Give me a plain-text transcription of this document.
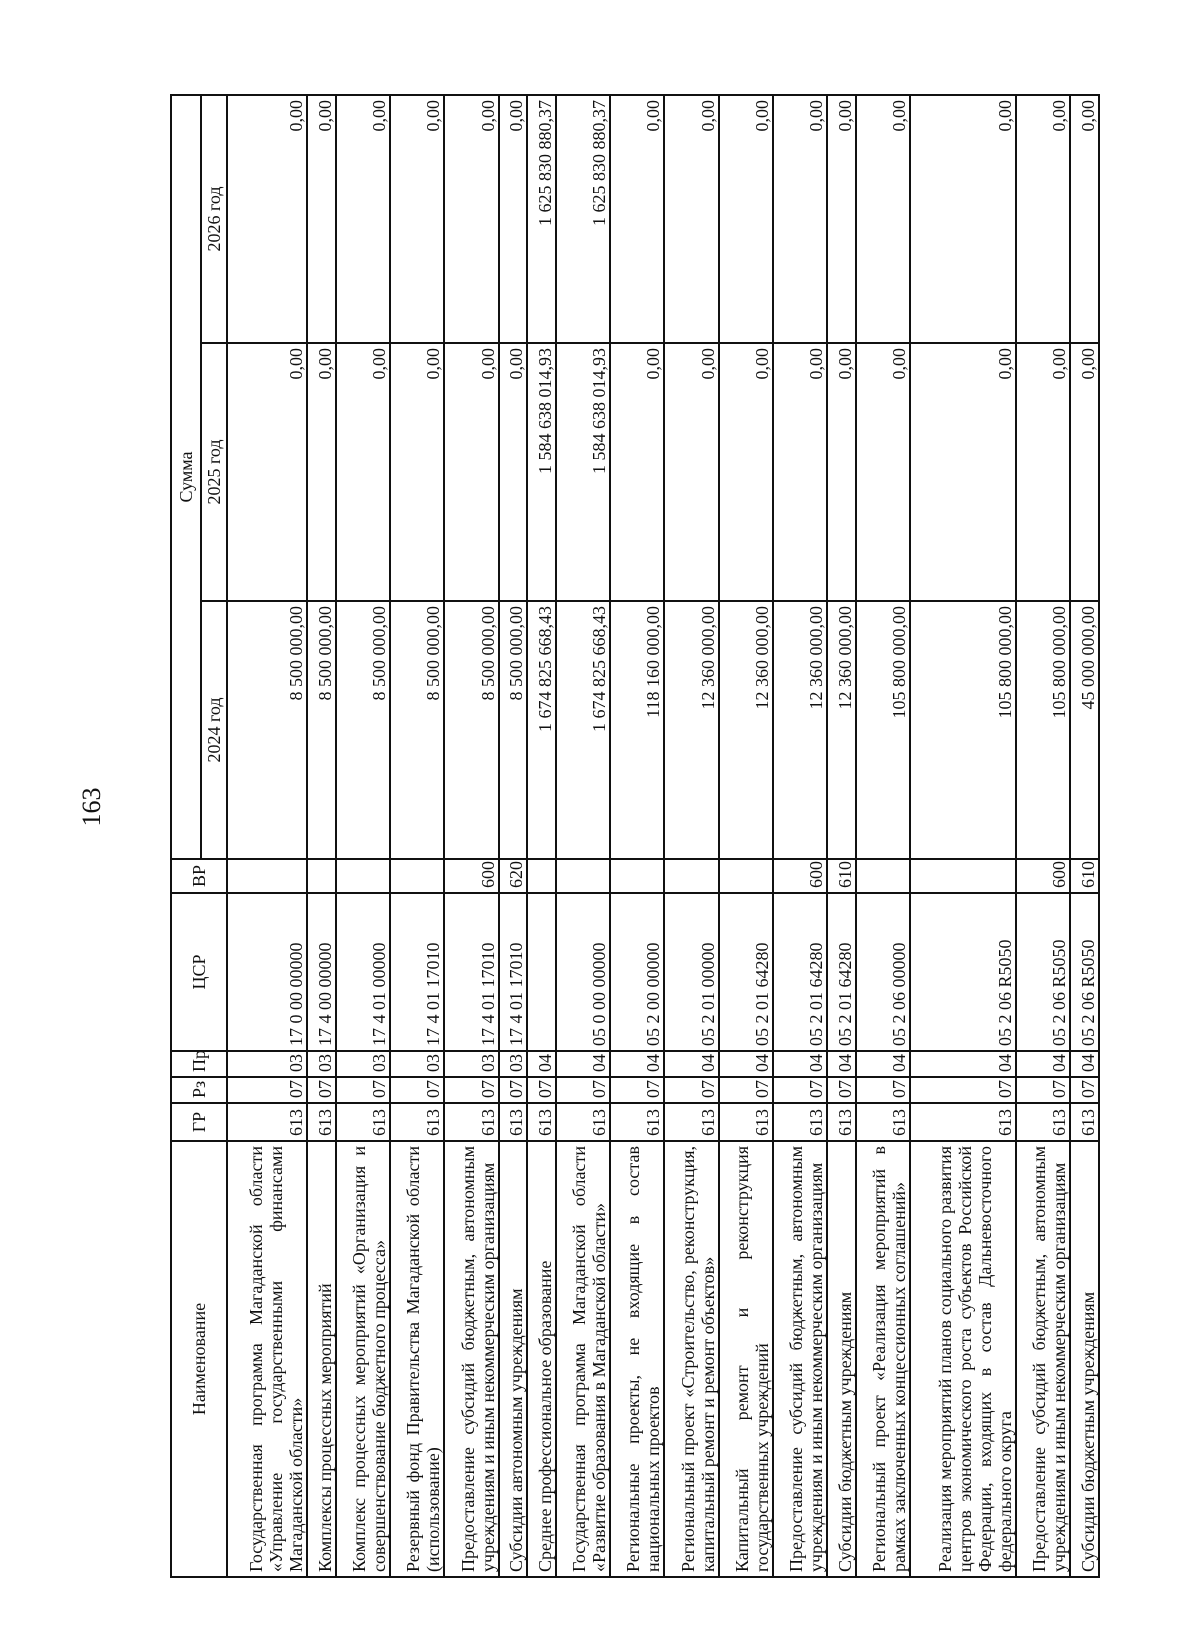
163
Наименование	ГР	Рз	Пр	ЦСР	ВР	Сумма		
						2024 год	2025 год	2026 год
Государственная программа Магаданской области «Управление государственными финансами Магаданской области»	613	07	03	17 0 00 00000		8 500 000,00	0,00	0,00
Комплексы процессных мероприятий	613	07	03	17 4 00 00000		8 500 000,00	0,00	0,00
Комплекс процессных мероприятий «Организация и совершенствование бюджетного процесса»	613	07	03	17 4 01 00000		8 500 000,00	0,00	0,00
Резервный фонд Правительства Магаданской области (использование)	613	07	03	17 4 01 17010		8 500 000,00	0,00	0,00
Предоставление субсидий бюджетным, автономным учреждениям и иным некоммерческим организациям	613	07	03	17 4 01 17010	600	8 500 000,00	0,00	0,00
Субсидии автономным учреждениям	613	07	03	17 4 01 17010	620	8 500 000,00	0,00	0,00
Среднее профессиональное образование	613	07	04			1 674 825 668,43	1 584 638 014,93	1 625 830 880,37
Государственная программа Магаданской области «Развитие образования в Магаданской области»	613	07	04	05 0 00 00000		1 674 825 668,43	1 584 638 014,93	1 625 830 880,37
Региональные проекты, не входящие в состав национальных проектов	613	07	04	05 2 00 00000		118 160 000,00	0,00	0,00
Региональный проект «Строительство, реконструкция, капитальный ремонт и ремонт объектов»	613	07	04	05 2 01 00000		12 360 000,00	0,00	0,00
Капитальный ремонт и реконструкция государственных учреждений	613	07	04	05 2 01 64280		12 360 000,00	0,00	0,00
Предоставление субсидий бюджетным, автономным учреждениям и иным некоммерческим организациям	613	07	04	05 2 01 64280	600	12 360 000,00	0,00	0,00
Субсидии бюджетным учреждениям	613	07	04	05 2 01 64280	610	12 360 000,00	0,00	0,00
Региональный проект «Реализация мероприятий в рамках заключенных концессионных соглашений»	613	07	04	05 2 06 00000		105 800 000,00	0,00	0,00
Реализация мероприятий планов социального развития центров экономического роста субъектов Российской Федерации, входящих в состав Дальневосточного федерального округа	613	07	04	05 2 06 R5050		105 800 000,00	0,00	0,00
Предоставление субсидий бюджетным, автономным учреждениям и иным некоммерческим организациям	613	07	04	05 2 06 R5050	600	105 800 000,00	0,00	0,00
Субсидии бюджетным учреждениям	613	07	04	05 2 06 R5050	610	45 000 000,00	0,00	0,00
